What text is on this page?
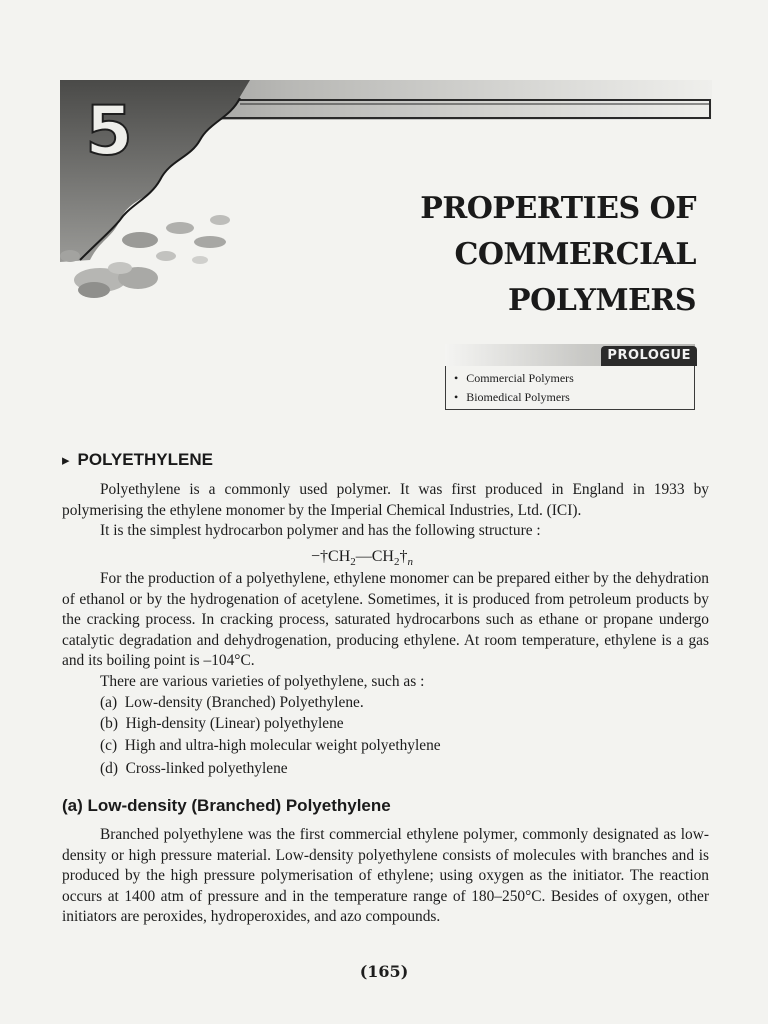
5
PROPERTIES OF COMMERCIAL
POLYMERS
PROLOGUE
• Commercial Polymers
• Biomedical Polymers
▸ POLYETHYLENE

Polyethylene is a commonly used polymer. It was first produced in England in 1933 by polymerising the ethylene monomer by the Imperial Chemical Industries, Ltd. (ICI).

It is the simplest hydrocarbon polymer and has the following structure :

$-\dagger CH_2—CH_2\dagger_n$

For the production of a polyethylene, ethylene monomer can be prepared either by the dehydration of ethanol or by the hydrogenation of acetylene. Sometimes, it is produced from petroleum products by the cracking process. In cracking process, saturated hydrocarbons such as ethane or propane undergo catalytic degradation and dehydrogenation, producing ethylene. At room temperature, ethylene is a gas and its boiling point is –104°C.

There are various varieties of polyethylene, such as :

(a)  Low-density (Branched) Polyethylene.
(b)  High-density (Linear) polyethylene
(c)  High and ultra-high molecular weight polyethylene
(d)  Cross-linked polyethylene
(a) Low-density (Branched) Polyethylene

Branched polyethylene was the first commercial ethylene polymer, commonly designated as low-density or high pressure material. Low-density polyethylene consists of molecules with branches and is produced by the high pressure polymerisation of ethylene; using oxygen as the initiator. The reaction occurs at 1400 atm of pressure and in the temperature range of 180–250°C. Besides of oxygen, other initiators are peroxides, hydroperoxides, and azo compounds.

(165)
